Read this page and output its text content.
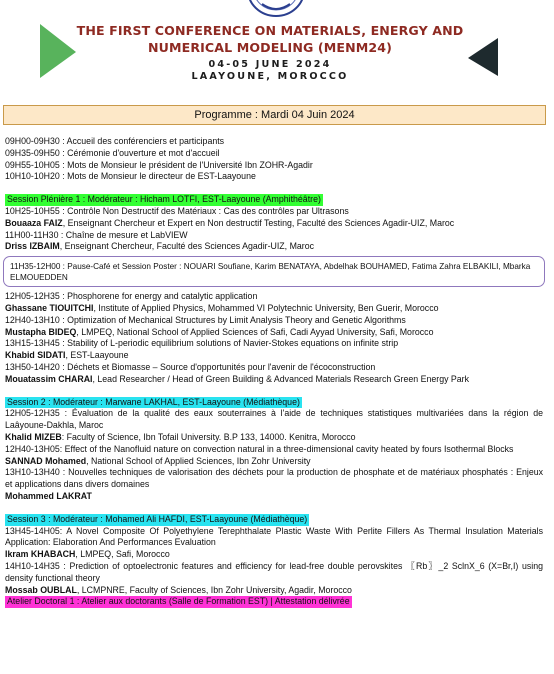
THE FIRST CONFERENCE ON MATERIALS, ENERGY AND
NUMERICAL MODELING (MENM24)
04-05 JUNE 2024
LAAYOUNE, MOROCCO
Programme : Mardi 04 Juin 2024
09H00-09H30 : Accueil des conférenciers et participants
09H35-09H50 : Cérémonie d'ouverture et mot d'accueil
09H55-10H05 : Mots de Monsieur le président de l'Université Ibn ZOHR-Agadir
10H10-10H20 : Mots de Monsieur le directeur de EST-Laayoune
Session Plénière 1 : Modérateur : Hicham LOTFI, EST-Laayoune (Amphithéâtre)
10H25-10H55 : Contrôle Non Destructif des Matériaux : Cas des contrôles par Ultrasons
Bouaaza FAIZ, Enseignant Chercheur et Expert en Non destructif Testing, Faculté des Sciences Agadir-UIZ, Maroc
11H00-11H30 : Chaîne de mesure et LabVIEW
Driss IZBAIM, Enseignant Chercheur, Faculté des Sciences Agadir-UIZ, Maroc
11H35-12H00 : Pause-Café et Session Poster : NOUARI Soufiane, Karim BENATAYA, Abdelhak BOUHAMED, Fatima Zahra ELBAKILI, Mbarka ELMOUEDDEN
12H05-12H35 : Phosphorene for energy and catalytic application
Ghassane TIOUITCHI, Institute of Applied Physics, Mohammed VI Polytechnic University, Ben Guerir, Morocco
12H40-13H10 : Optimization of Mechanical Structures by Limit Analysis Theory and Genetic Algorithms
Mustapha BIDEQ, LMPEQ, National School of Applied Sciences of Safi, Cadi Ayyad University, Safi, Morocco
13H15-13H45 : Stability of L-periodic equilibrium solutions of Navier-Stokes equations on infinite strip
Khabid SIDATI, EST-Laayoune
13H50-14H20 : Déchets et Biomasse – Source d'opportunités pour l'avenir de l'écoconstruction
Mouatassim CHARAI, Lead Researcher / Head of Green Building & Advanced Materials Research Green Energy Park
Session 2 : Modérateur : Marwane LAKHAL, EST-Laayoune (Médiathèque)
12H05-12H35 : Évaluation de la qualité des eaux souterraines à l'aide de techniques statistiques multivariées dans la région de Laâyoune-Dakhla, Maroc
Khalid MIZEB: Faculty of Science, Ibn Tofail University. B.P 133, 14000. Kenitra, Morocco
12H40-13H05: Effect of the Nanofluid nature on convection natural in a three-dimensional cavity heated by fours Isothermal Blocks
SANNAD Mohamed, National School of Applied Sciences, Ibn Zohr University
13H10-13H40 : Nouvelles techniques de valorisation des déchets pour la production de phosphate et de matériaux phosphatés : Enjeux et applications dans divers domaines
Mohammed LAKRAT
Session 3 : Modérateur : Mohamed Ali HAFDI, EST-Laayoune (Médiathèque)
13H45-14H05: A Novel Composite Of Polyethylene Terephthalate Plastic Waste With Perlite Fillers As Thermal Insulation Materials Application: Elaboration And Performances Evaluation
Ikram KHABACH, LMPEQ, Safi, Morocco
14H10-14H35 : Prediction of optoelectronic features and efficiency for lead-free double perovskites 〖Rb〗_2 SclnX_6 (X=Br,I) using density functional theory
Mossab OUBLAL, LCMPNRE, Faculty of Sciences, Ibn Zohr University, Agadir, Morocco
Atelier Doctoral 1 : Atelier aux doctorants (Salle de Formation EST) | Attestation délivrée
